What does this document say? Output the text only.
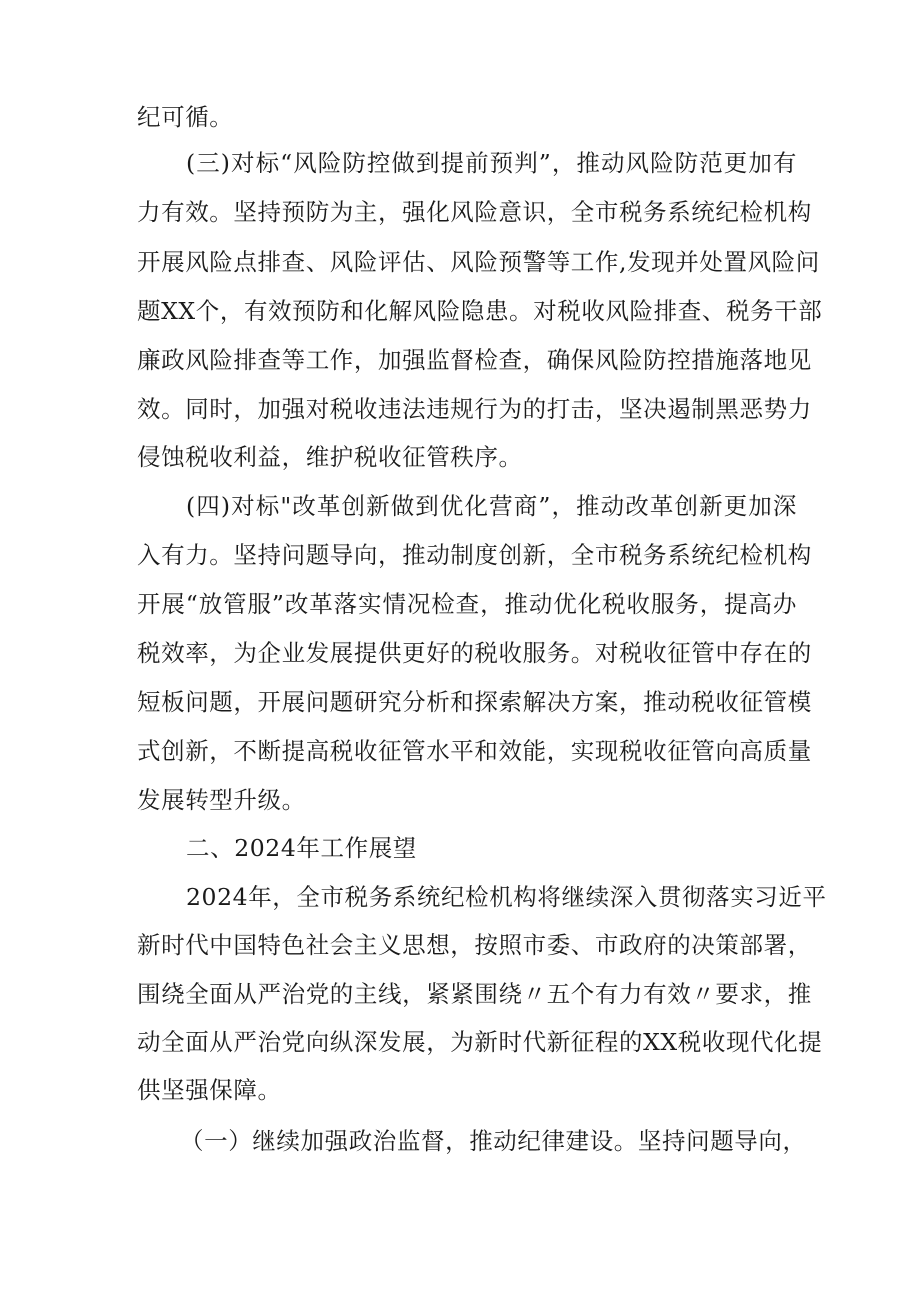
纪可循。
(三)对标“风险防控做到提前预判”，推动风险防范更加有
力有效。坚持预防为主，强化风险意识，全市税务系统纪检机构
开展风险点排查、风险评估、风险预警等工作,发现并处置风险问
题XX个，有效预防和化解风险隐患。对税收风险排查、税务干部
廉政风险排查等工作，加强监督检查，确保风险防控措施落地见
效。同时，加强对税收违法违规行为的打击，坚决遏制黑恶势力
侵蚀税收利益，维护税收征管秩序。
(四)对标"改革创新做到优化营商”，推动改革创新更加深
入有力。坚持问题导向，推动制度创新，全市税务系统纪检机构
开展“放管服”改革落实情况检查，推动优化税收服务，提高办
税效率，为企业发展提供更好的税收服务。对税收征管中存在的
短板问题，开展问题研究分析和探索解决方案，推动税收征管模
式创新，不断提高税收征管水平和效能，实现税收征管向高质量
发展转型升级。
二、2024年工作展望
2024年，全市税务系统纪检机构将继续深入贯彻落实习近平
新时代中国特色社会主义思想，按照市委、市政府的决策部署，
围绕全面从严治党的主线，紧紧围绕〃五个有力有效〃要求，推
动全面从严治党向纵深发展，为新时代新征程的XX税收现代化提
供坚强保障。
（一）继续加强政治监督，推动纪律建设。坚持问题导向，
